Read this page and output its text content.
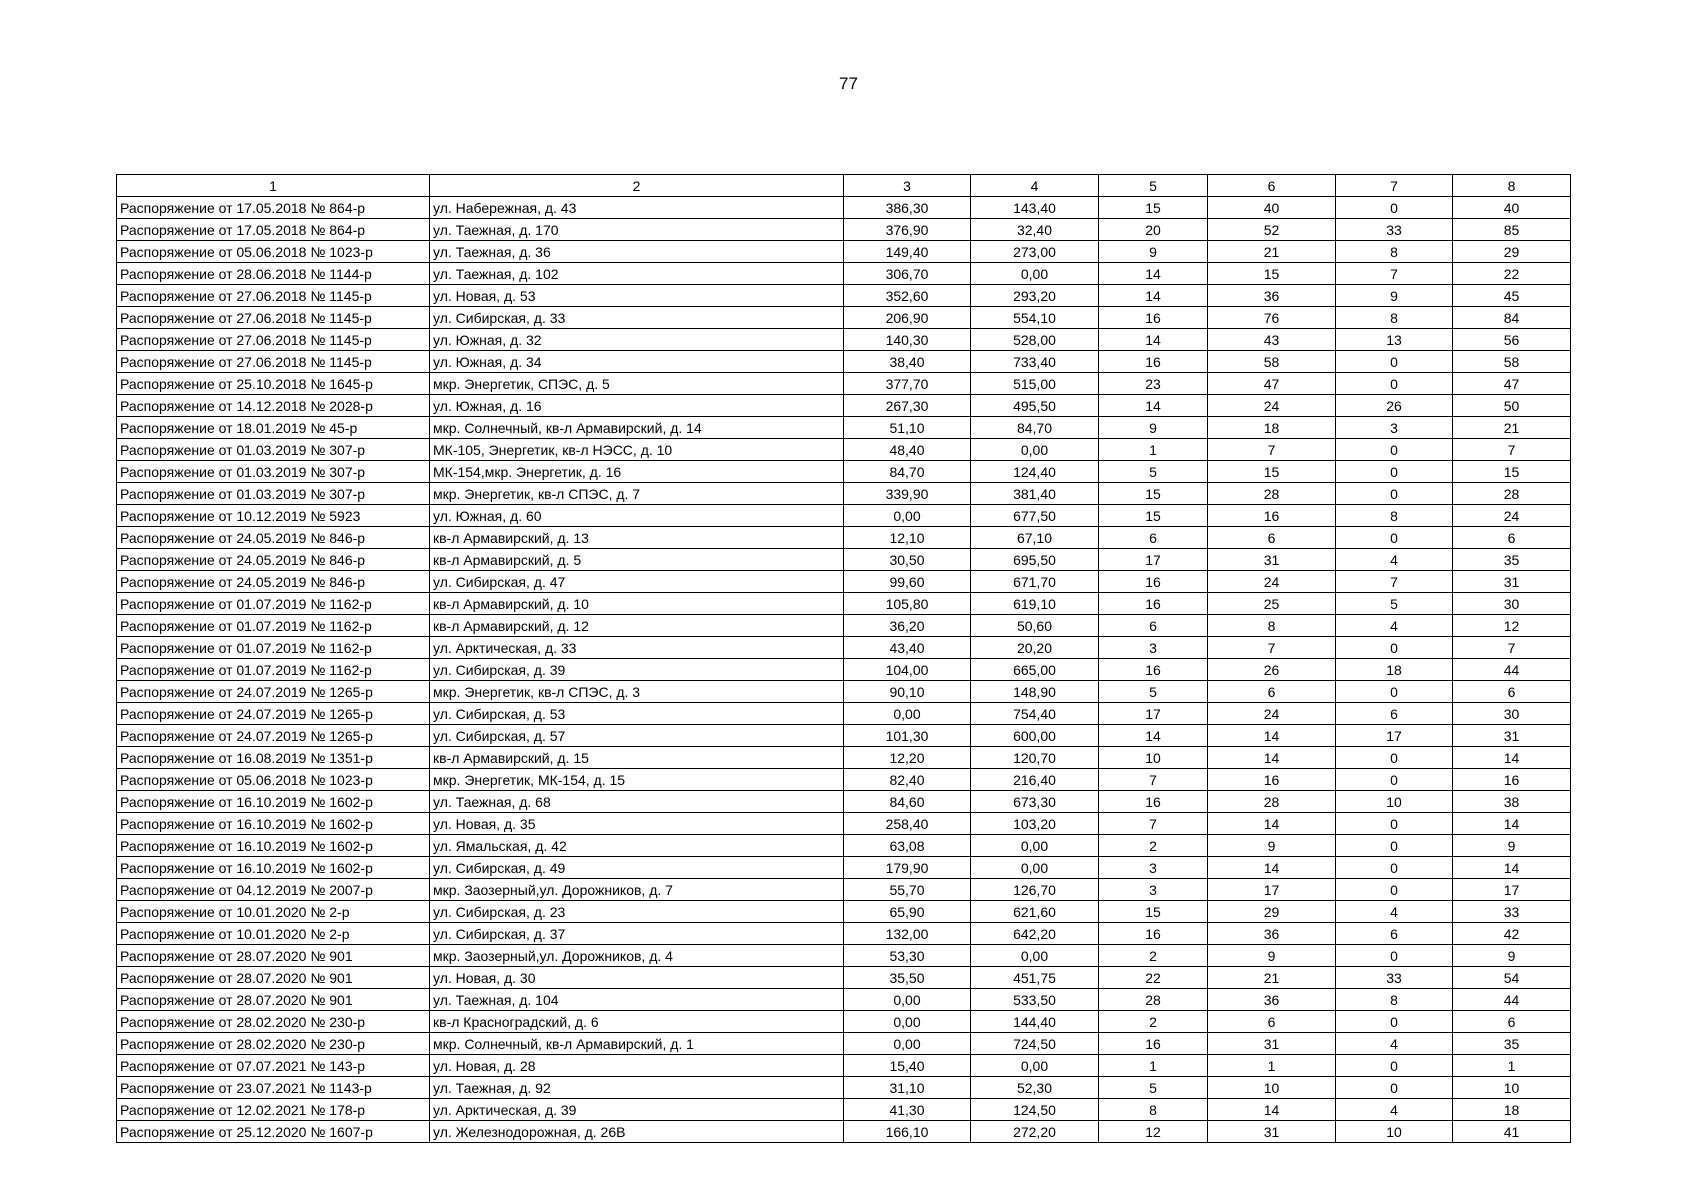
77
1	2	3	4	5	6	7	8
Распоряжение от 17.05.2018 № 864-р	ул. Набережная, д. 43	386,30	143,40	15	40	0	40
Распоряжение от 17.05.2018 № 864-р	ул. Таежная, д. 170	376,90	32,40	20	52	33	85
Распоряжение от 05.06.2018 № 1023-р	ул. Таежная, д. 36	149,40	273,00	9	21	8	29
Распоряжение от 28.06.2018 № 1144-р	ул. Таежная, д. 102	306,70	0,00	14	15	7	22
Распоряжение от 27.06.2018 № 1145-р	ул. Новая, д. 53	352,60	293,20	14	36	9	45
Распоряжение от 27.06.2018 № 1145-р	ул. Сибирская, д. 33	206,90	554,10	16	76	8	84
Распоряжение от 27.06.2018 № 1145-р	ул. Южная, д. 32	140,30	528,00	14	43	13	56
Распоряжение от 27.06.2018 № 1145-р	ул. Южная, д. 34	38,40	733,40	16	58	0	58
Распоряжение от 25.10.2018 № 1645-р	мкр. Энергетик, СПЭС, д. 5	377,70	515,00	23	47	0	47
Распоряжение от 14.12.2018 № 2028-р	ул. Южная, д. 16	267,30	495,50	14	24	26	50
Распоряжение от 18.01.2019 № 45-р	мкр. Солнечный, кв-л Армавирский, д. 14	51,10	84,70	9	18	3	21
Распоряжение от 01.03.2019 № 307-р	МК-105, Энергетик, кв-л НЭСС, д. 10	48,40	0,00	1	7	0	7
Распоряжение от 01.03.2019 № 307-р	МК-154,мкр. Энергетик, д. 16	84,70	124,40	5	15	0	15
Распоряжение от 01.03.2019 № 307-р	мкр. Энергетик, кв-л СПЭС, д. 7	339,90	381,40	15	28	0	28
Распоряжение от 10.12.2019 № 5923	ул. Южная, д. 60	0,00	677,50	15	16	8	24
Распоряжение от 24.05.2019 № 846-р	кв-л Армавирский, д. 13	12,10	67,10	6	6	0	6
Распоряжение от 24.05.2019 № 846-р	кв-л Армавирский, д. 5	30,50	695,50	17	31	4	35
Распоряжение от 24.05.2019 № 846-р	ул. Сибирская, д. 47	99,60	671,70	16	24	7	31
Распоряжение от 01.07.2019 № 1162-р	кв-л Армавирский, д. 10	105,80	619,10	16	25	5	30
Распоряжение от 01.07.2019 № 1162-р	кв-л Армавирский, д. 12	36,20	50,60	6	8	4	12
Распоряжение от 01.07.2019 № 1162-р	ул. Арктическая, д. 33	43,40	20,20	3	7	0	7
Распоряжение от 01.07.2019 № 1162-р	ул. Сибирская, д. 39	104,00	665,00	16	26	18	44
Распоряжение от 24.07.2019 № 1265-р	мкр. Энергетик, кв-л СПЭС, д. 3	90,10	148,90	5	6	0	6
Распоряжение от 24.07.2019 № 1265-р	ул. Сибирская, д. 53	0,00	754,40	17	24	6	30
Распоряжение от 24.07.2019 № 1265-р	ул. Сибирская, д. 57	101,30	600,00	14	14	17	31
Распоряжение от 16.08.2019 № 1351-р	кв-л Армавирский, д. 15	12,20	120,70	10	14	0	14
Распоряжение от 05.06.2018 № 1023-р	мкр. Энергетик, МК-154, д. 15	82,40	216,40	7	16	0	16
Распоряжение от 16.10.2019 № 1602-р	ул. Таежная, д. 68	84,60	673,30	16	28	10	38
Распоряжение от 16.10.2019 № 1602-р	ул. Новая, д. 35	258,40	103,20	7	14	0	14
Распоряжение от 16.10.2019 № 1602-р	ул. Ямальская, д. 42	63,08	0,00	2	9	0	9
Распоряжение от 16.10.2019 № 1602-р	ул. Сибирская, д. 49	179,90	0,00	3	14	0	14
Распоряжение от 04.12.2019 № 2007-р	мкр. Заозерный,ул. Дорожников, д. 7	55,70	126,70	3	17	0	17
Распоряжение от 10.01.2020 № 2-р	ул. Сибирская, д. 23	65,90	621,60	15	29	4	33
Распоряжение от 10.01.2020 № 2-р	ул. Сибирская, д. 37	132,00	642,20	16	36	6	42
Распоряжение от 28.07.2020 № 901	мкр. Заозерный,ул. Дорожников, д. 4	53,30	0,00	2	9	0	9
Распоряжение от 28.07.2020 № 901	ул. Новая, д. 30	35,50	451,75	22	21	33	54
Распоряжение от 28.07.2020 № 901	ул. Таежная, д. 104	0,00	533,50	28	36	8	44
Распоряжение от 28.02.2020 № 230-р	кв-л Красноградский, д. 6	0,00	144,40	2	6	0	6
Распоряжение от 28.02.2020 № 230-р	мкр. Солнечный, кв-л Армавирский, д. 1	0,00	724,50	16	31	4	35
Распоряжение от 07.07.2021 № 143-р	ул. Новая, д. 28	15,40	0,00	1	1	0	1
Распоряжение от 23.07.2021 № 1143-р	ул. Таежная, д. 92	31,10	52,30	5	10	0	10
Распоряжение от 12.02.2021 № 178-р	ул. Арктическая, д. 39	41,30	124,50	8	14	4	18
Распоряжение от 25.12.2020 № 1607-р	ул. Железнодорожная, д. 26В	166,10	272,20	12	31	10	41
